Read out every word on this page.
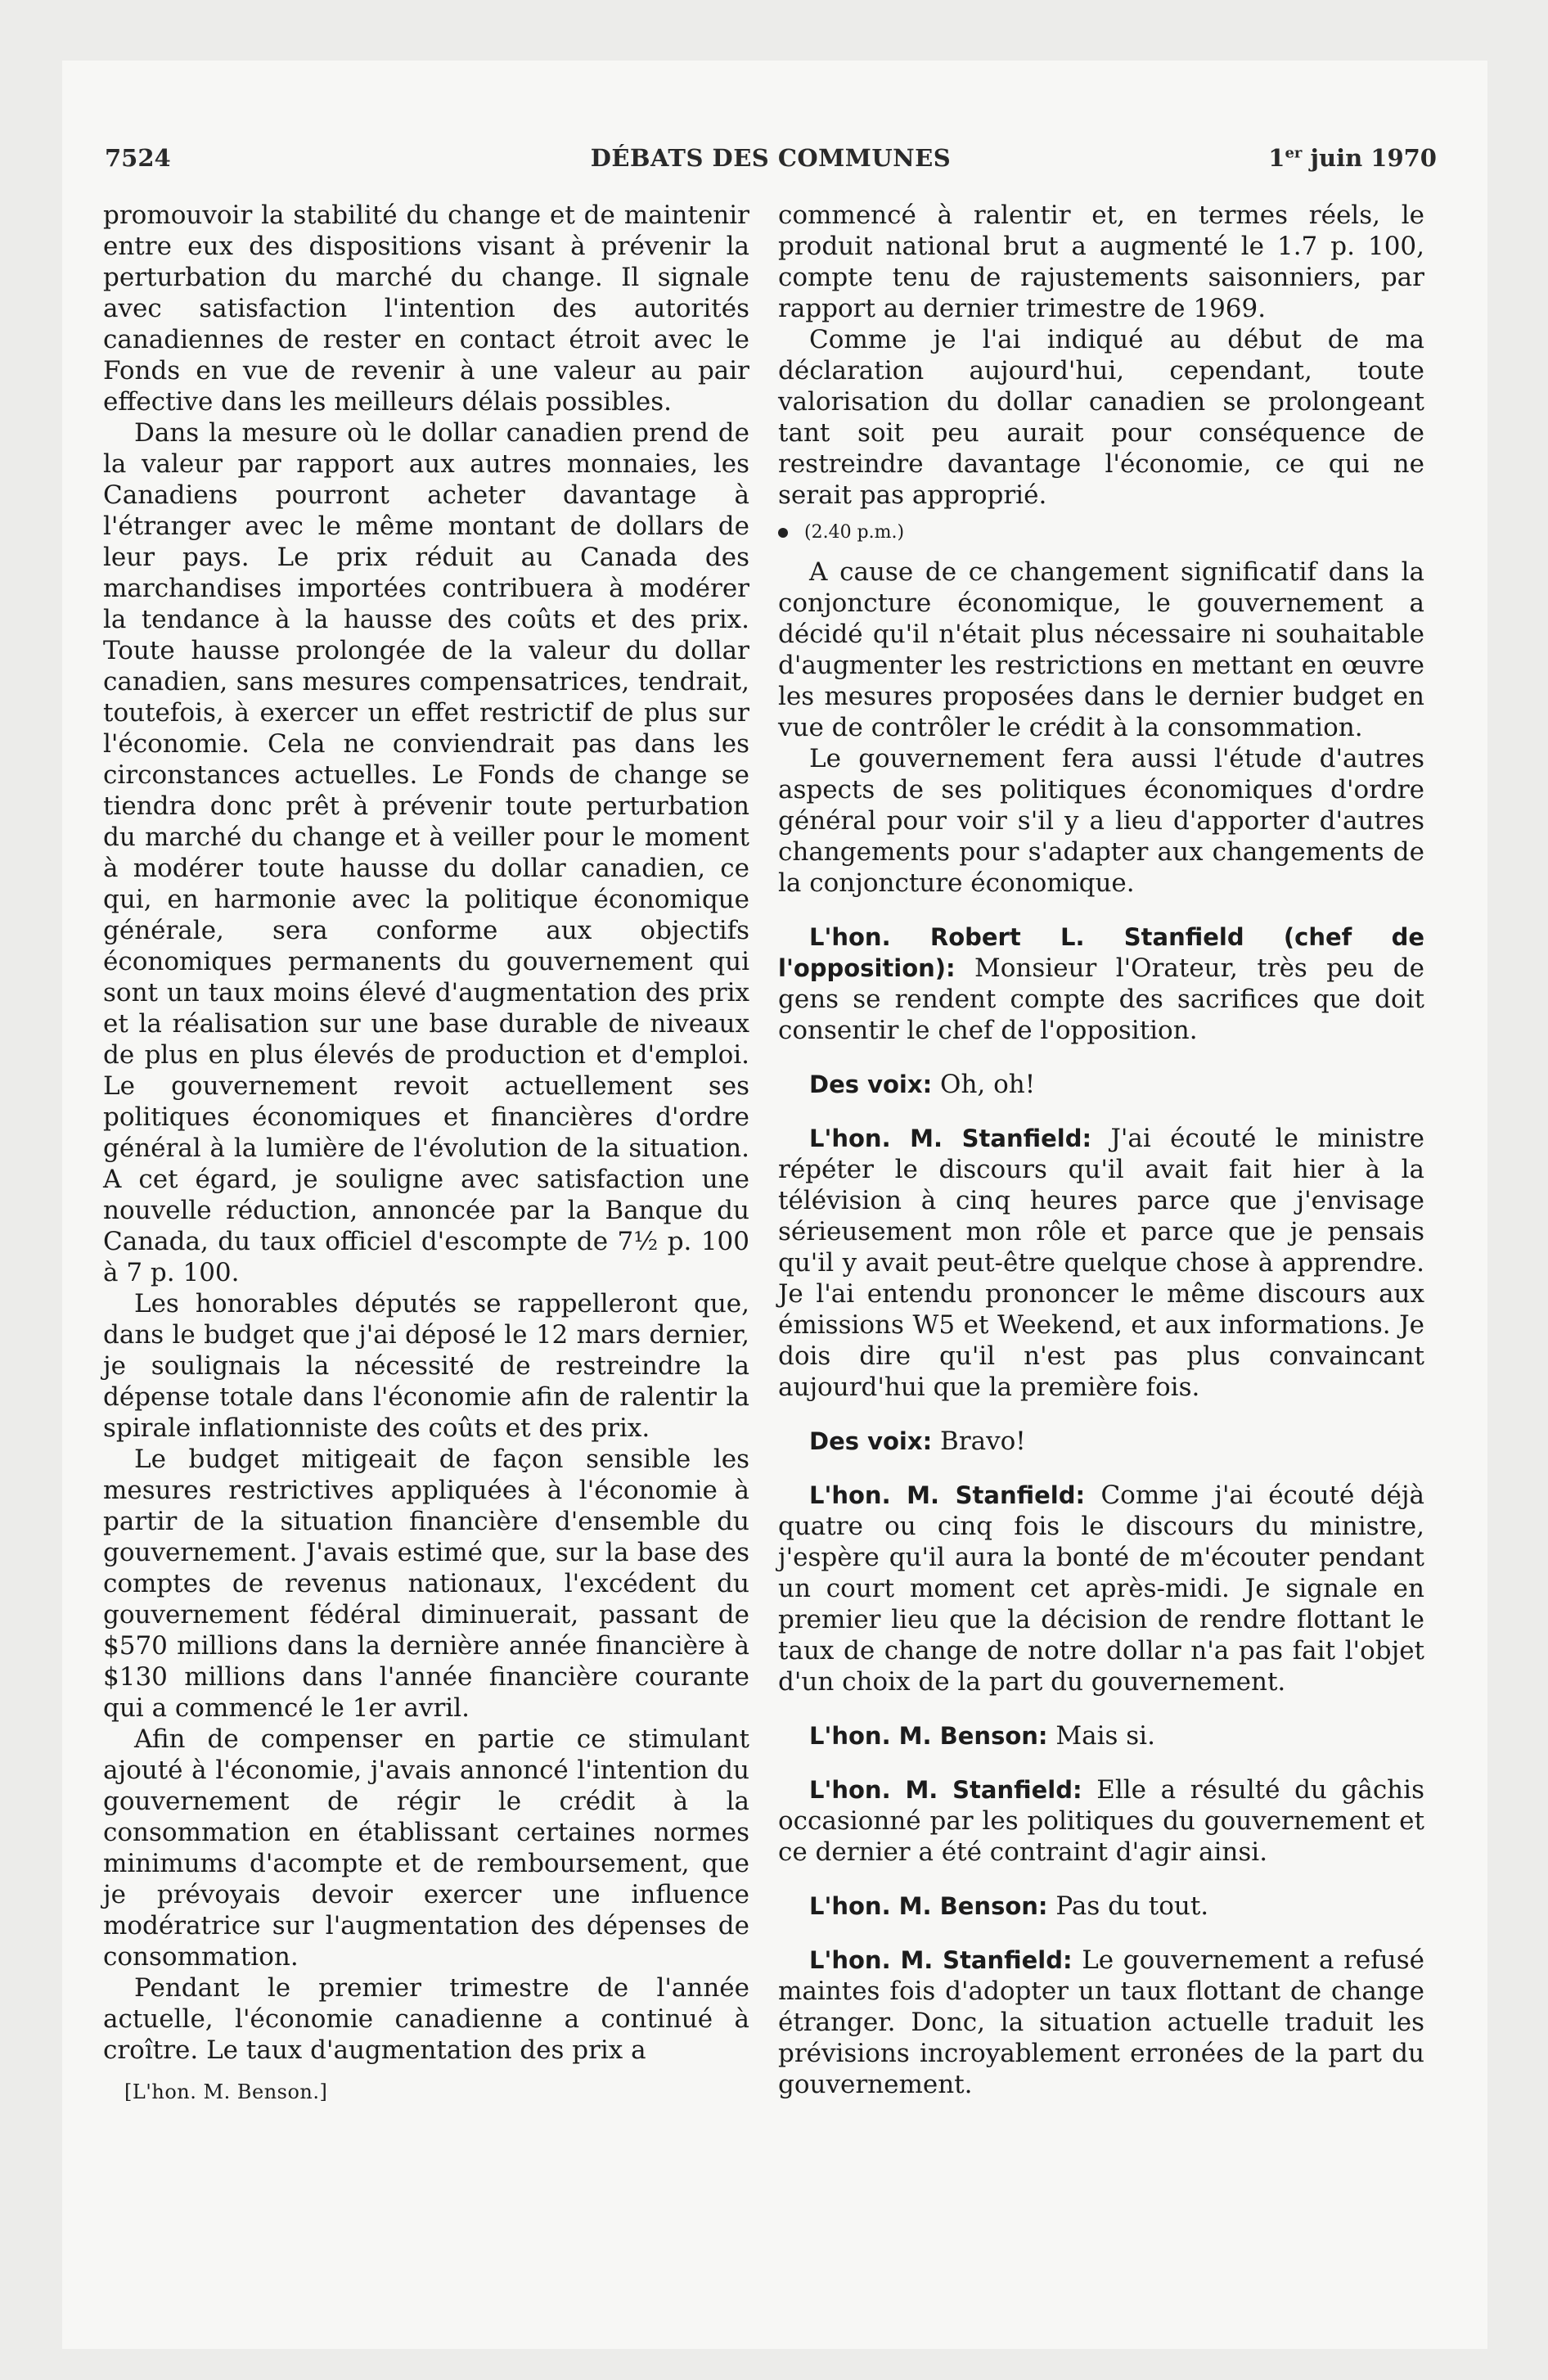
7524	DÉBATS DES COMMUNES	1er juin 1970

promouvoir la stabilité du change et de maintenir entre eux des dispositions visant à prévenir la perturbation du marché du change. Il signale avec satisfaction l'intention des autorités canadiennes de rester en contact étroit avec le Fonds en vue de revenir à une valeur au pair effective dans les meilleurs délais possibles.

Dans la mesure où le dollar canadien prend de la valeur par rapport aux autres monnaies, les Canadiens pourront acheter davantage à l'étranger avec le même montant de dollars de leur pays. Le prix réduit au Canada des marchandises importées contribuera à modérer la tendance à la hausse des coûts et des prix. Toute hausse prolongée de la valeur du dollar canadien, sans mesures compensatrices, tendrait, toutefois, à exercer un effet restrictif de plus sur l'économie. Cela ne conviendrait pas dans les circonstances actuelles. Le Fonds de change se tiendra donc prêt à prévenir toute perturbation du marché du change et à veiller pour le moment à modérer toute hausse du dollar canadien, ce qui, en harmonie avec la politique économique générale, sera conforme aux objectifs économiques permanents du gouvernement qui sont un taux moins élevé d'augmentation des prix et la réalisation sur une base durable de niveaux de plus en plus élevés de production et d'emploi. Le gouvernement revoit actuellement ses politiques économiques et financières d'ordre général à la lumière de l'évolution de la situation. A cet égard, je souligne avec satisfaction une nouvelle réduction, annoncée par la Banque du Canada, du taux officiel d'escompte de 7½ p. 100 à 7 p. 100.

Les honorables députés se rappelleront que, dans le budget que j'ai déposé le 12 mars dernier, je soulignais la nécessité de restreindre la dépense totale dans l'économie afin de ralentir la spirale inflationniste des coûts et des prix.

Le budget mitigeait de façon sensible les mesures restrictives appliquées à l'économie à partir de la situation financière d'ensemble du gouvernement. J'avais estimé que, sur la base des comptes de revenus nationaux, l'excédent du gouvernement fédéral diminuerait, passant de $570 millions dans la dernière année financière à $130 millions dans l'année financière courante qui a commencé le 1er avril.

Afin de compenser en partie ce stimulant ajouté à l'économie, j'avais annoncé l'intention du gouvernement de régir le crédit à la consommation en établissant certaines normes minimums d'acompte et de remboursement, que je prévoyais devoir exercer une influence modératrice sur l'augmentation des dépenses de consommation.

Pendant le premier trimestre de l'année actuelle, l'économie canadienne a continué à croître. Le taux d'augmentation des prix a

[L'hon. M. Benson.]

commencé à ralentir et, en termes réels, le produit national brut a augmenté le 1.7 p. 100, compte tenu de rajustements saisonniers, par rapport au dernier trimestre de 1969.

Comme je l'ai indiqué au début de ma déclaration aujourd'hui, cependant, toute valorisation du dollar canadien se prolongeant tant soit peu aurait pour conséquence de restreindre davantage l'économie, ce qui ne serait pas approprié.

(2.40 p.m.)

A cause de ce changement significatif dans la conjoncture économique, le gouvernement a décidé qu'il n'était plus nécessaire ni souhaitable d'augmenter les restrictions en mettant en œuvre les mesures proposées dans le dernier budget en vue de contrôler le crédit à la consommation.

Le gouvernement fera aussi l'étude d'autres aspects de ses politiques économiques d'ordre général pour voir s'il y a lieu d'apporter d'autres changements pour s'adapter aux changements de la conjoncture économique.

L'hon. Robert L. Stanfield (chef de l'opposition): Monsieur l'Orateur, très peu de gens se rendent compte des sacrifices que doit consentir le chef de l'opposition.

Des voix: Oh, oh!

L'hon. M. Stanfield: J'ai écouté le ministre répéter le discours qu'il avait fait hier à la télévision à cinq heures parce que j'envisage sérieusement mon rôle et parce que je pensais qu'il y avait peut-être quelque chose à apprendre. Je l'ai entendu prononcer le même discours aux émissions W5 et Weekend, et aux informations. Je dois dire qu'il n'est pas plus convaincant aujourd'hui que la première fois.

Des voix: Bravo!

L'hon. M. Stanfield: Comme j'ai écouté déjà quatre ou cinq fois le discours du ministre, j'espère qu'il aura la bonté de m'écouter pendant un court moment cet après-midi. Je signale en premier lieu que la décision de rendre flottant le taux de change de notre dollar n'a pas fait l'objet d'un choix de la part du gouvernement.

L'hon. M. Benson: Mais si.

L'hon. M. Stanfield: Elle a résulté du gâchis occasionné par les politiques du gouvernement et ce dernier a été contraint d'agir ainsi.

L'hon. M. Benson: Pas du tout.

L'hon. M. Stanfield: Le gouvernement a refusé maintes fois d'adopter un taux flottant de change étranger. Donc, la situation actuelle traduit les prévisions incroyablement erronées de la part du gouvernement.
